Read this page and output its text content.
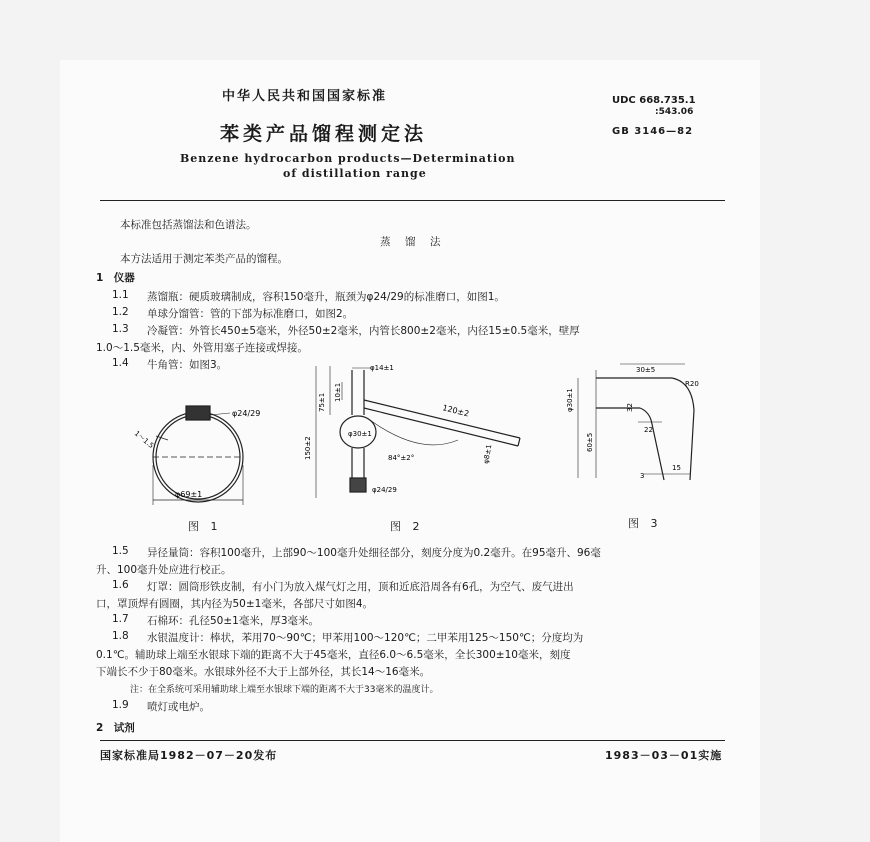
中华人民共和国国家标准
苯类产品馏程测定法
Benzene hydrocarbon products—Determination
of distillation range
UDC 668.735.1
:543.06
GB 3146—82
本标准包括蒸馏法和色谱法。
蒸　馏　法
本方法适用于测定苯类产品的馏程。
1　仪器
1.1 蒸馏瓶：硬质玻璃制成，容积150毫升，瓶颈为φ24/29的标准磨口，如图1。
1.2 单球分馏管：管的下部为标准磨口，如图2。
1.3 冷凝管：外管长450±5毫米，外径50±2毫米，内管长800±2毫米，内径15±0.5毫米，壁厚
1.0～1.5毫米，内、外管用塞子连接或焊接。
1.4 牛角管：如图3。
φ24/29
φ69±1
1～1.5
φ14±1
75±1
10±1
150±2
φ30±1
120±2
84°±2°	φ8±1
φ24/29
30±5
R20
φ30±1	32
60±5
22
15
3
图 1	图 2	图 3
1.5 异径量筒：容积100毫升，上部90～100毫升处细径部分，刻度分度为0.2毫升。在95毫升、96毫
升、100毫升处应进行校正。
1.6 灯罩：圆筒形铁皮制，有小门为放入煤气灯之用，顶和近底沿周各有6孔，为空气、废气进出
口，罩顶焊有圆圈，其内径为50±1毫米，各部尺寸如图4。
1.7 石棉环：孔径50±1毫米，厚3毫米。
1.8 水银温度计：棒状，苯用70～90℃；甲苯用100～120℃；二甲苯用125～150℃；分度均为
0.1℃。辅助球上端至水银球下端的距离不大于45毫米，直径6.0～6.5毫米，全长300±10毫米，刻度
下端长不少于80毫米。水银球外径不大于上部外径，其长14～16毫米。
注：在全系统可采用辅助球上端至水银球下端的距离不大于33毫米的温度计。
1.9 喷灯或电炉。
2　试剂
国家标准局1982－07－20发布	1983－03－01实施
